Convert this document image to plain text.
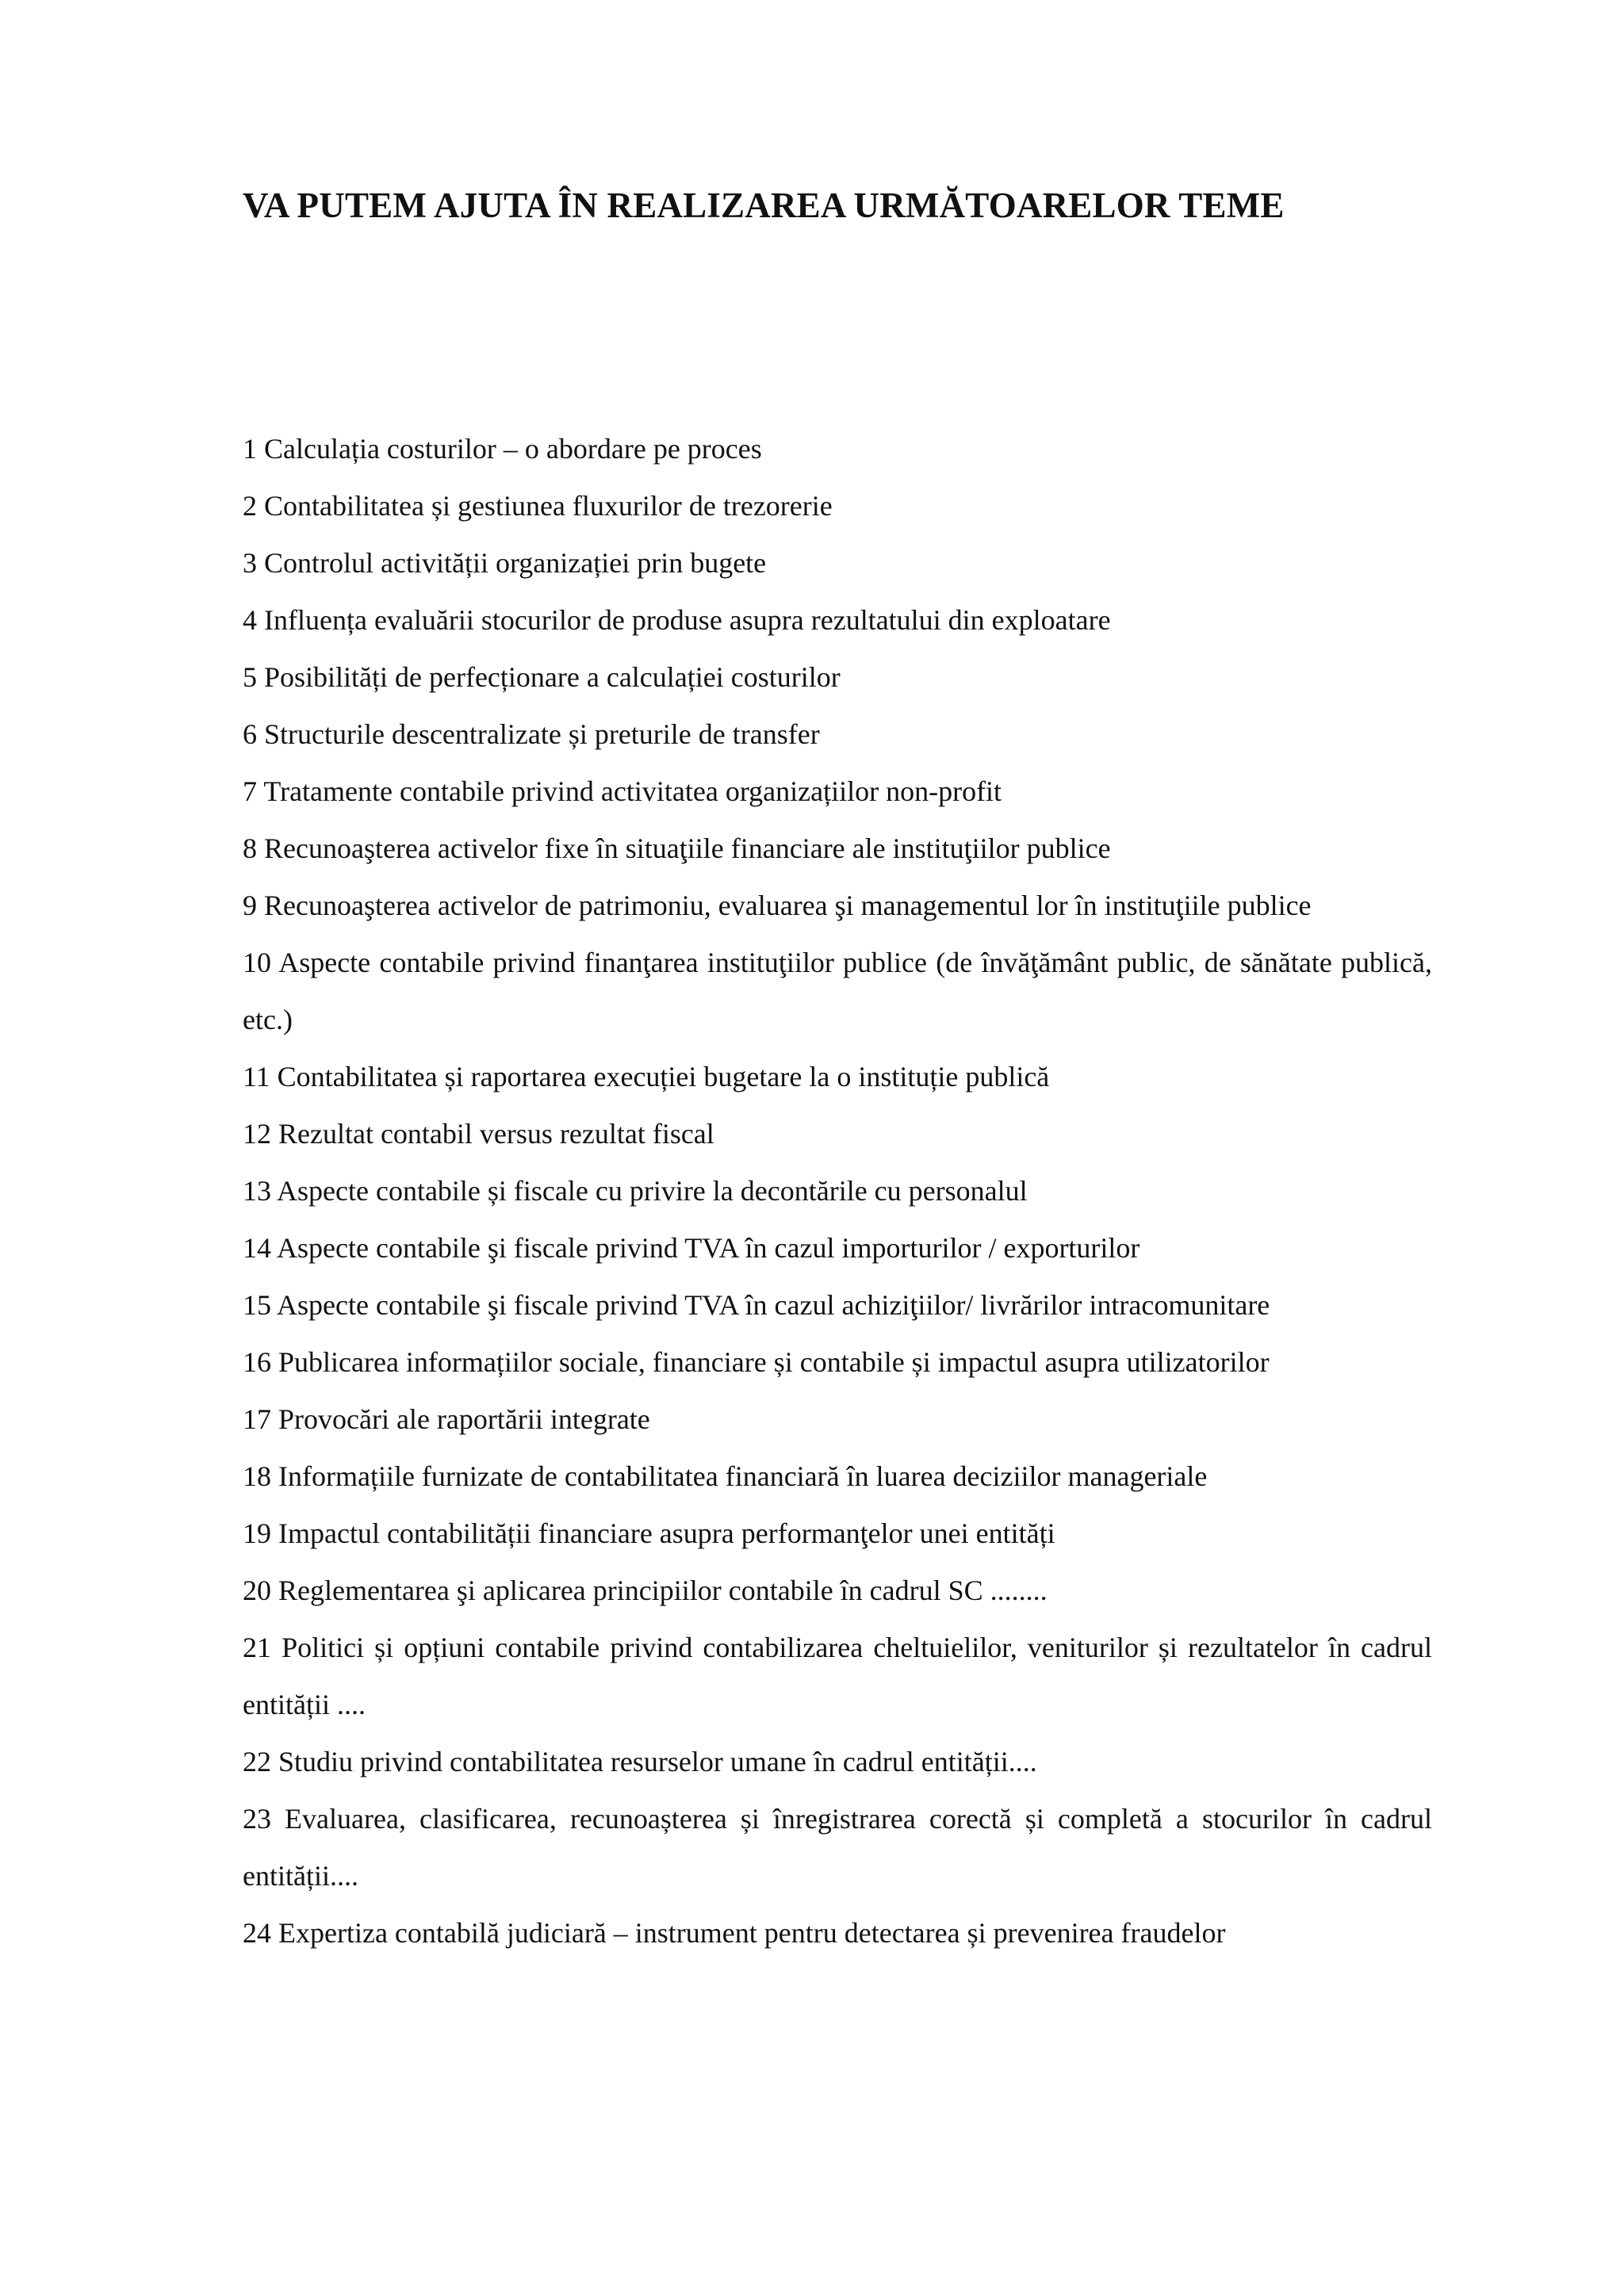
VA PUTEM AJUTA ÎN REALIZAREA URMĂTOARELOR TEME
1 Calculația costurilor – o abordare pe proces
2 Contabilitatea și gestiunea fluxurilor de trezorerie
3 Controlul activității organizației prin bugete
4 Influența evaluării stocurilor de produse asupra rezultatului din exploatare
5 Posibilități de perfecționare a calculației costurilor
6 Structurile descentralizate și preturile de transfer
7 Tratamente contabile privind activitatea organizațiilor non-profit
8 Recunoaşterea activelor fixe în situaţiile financiare ale instituţiilor publice
9 Recunoaşterea activelor de patrimoniu, evaluarea şi managementul lor în instituţiile publice
10 Aspecte contabile privind finanţarea instituţiilor publice (de învăţământ public, de sănătate publică, etc.)
11 Contabilitatea și raportarea execuției bugetare la o instituție publică
12 Rezultat contabil versus rezultat fiscal
13 Aspecte contabile și fiscale cu privire la decontările cu personalul
14 Aspecte contabile şi fiscale privind TVA în cazul importurilor / exporturilor
15 Aspecte contabile şi fiscale privind TVA în cazul achiziţiilor/ livrărilor intracomunitare
16 Publicarea informațiilor sociale, financiare și contabile și impactul asupra utilizatorilor
17 Provocări ale raportării integrate
18 Informațiile furnizate de contabilitatea financiară în luarea deciziilor manageriale
19 Impactul contabilității financiare asupra performanţelor unei entități
20 Reglementarea şi aplicarea principiilor contabile în cadrul SC ........
21 Politici și opțiuni contabile privind contabilizarea cheltuielilor, veniturilor și rezultatelor în cadrul entității ....
22 Studiu privind contabilitatea resurselor umane în cadrul entității....
23 Evaluarea, clasificarea, recunoașterea și înregistrarea corectă și completă a stocurilor în cadrul entității....
24 Expertiza contabilă judiciară – instrument pentru detectarea și prevenirea fraudelor
